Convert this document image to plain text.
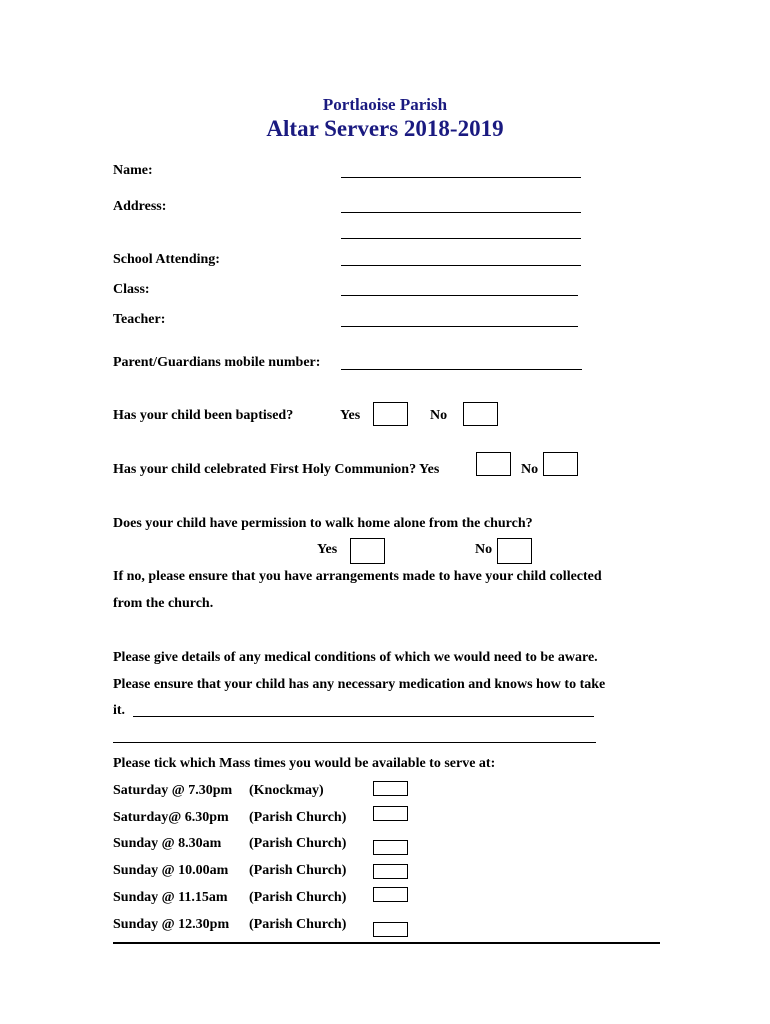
Portlaoise Parish
Altar Servers 2018-2019
Name:
Address:
School Attending:
Class:
Teacher:
Parent/Guardians mobile number:
Has your child been baptised?	Yes	No
Has your child celebrated First Holy Communion? Yes	No
Does your child have permission to walk home alone from the church?
Yes	No
If no, please ensure that you have arrangements made to have your child collected
from the church.
Please give details of any medical conditions of which we would need to be aware.
Please ensure that your child has any necessary medication and knows how to take
it.
Please tick which Mass times you would be available to serve at:
Saturday @ 7.30pm (Knockmay)
Saturday@ 6.30pm (Parish Church)
Sunday @ 8.30am (Parish Church)
Sunday @ 10.00am (Parish Church)
Sunday @ 11.15am (Parish Church)
Sunday @ 12.30pm (Parish Church)
